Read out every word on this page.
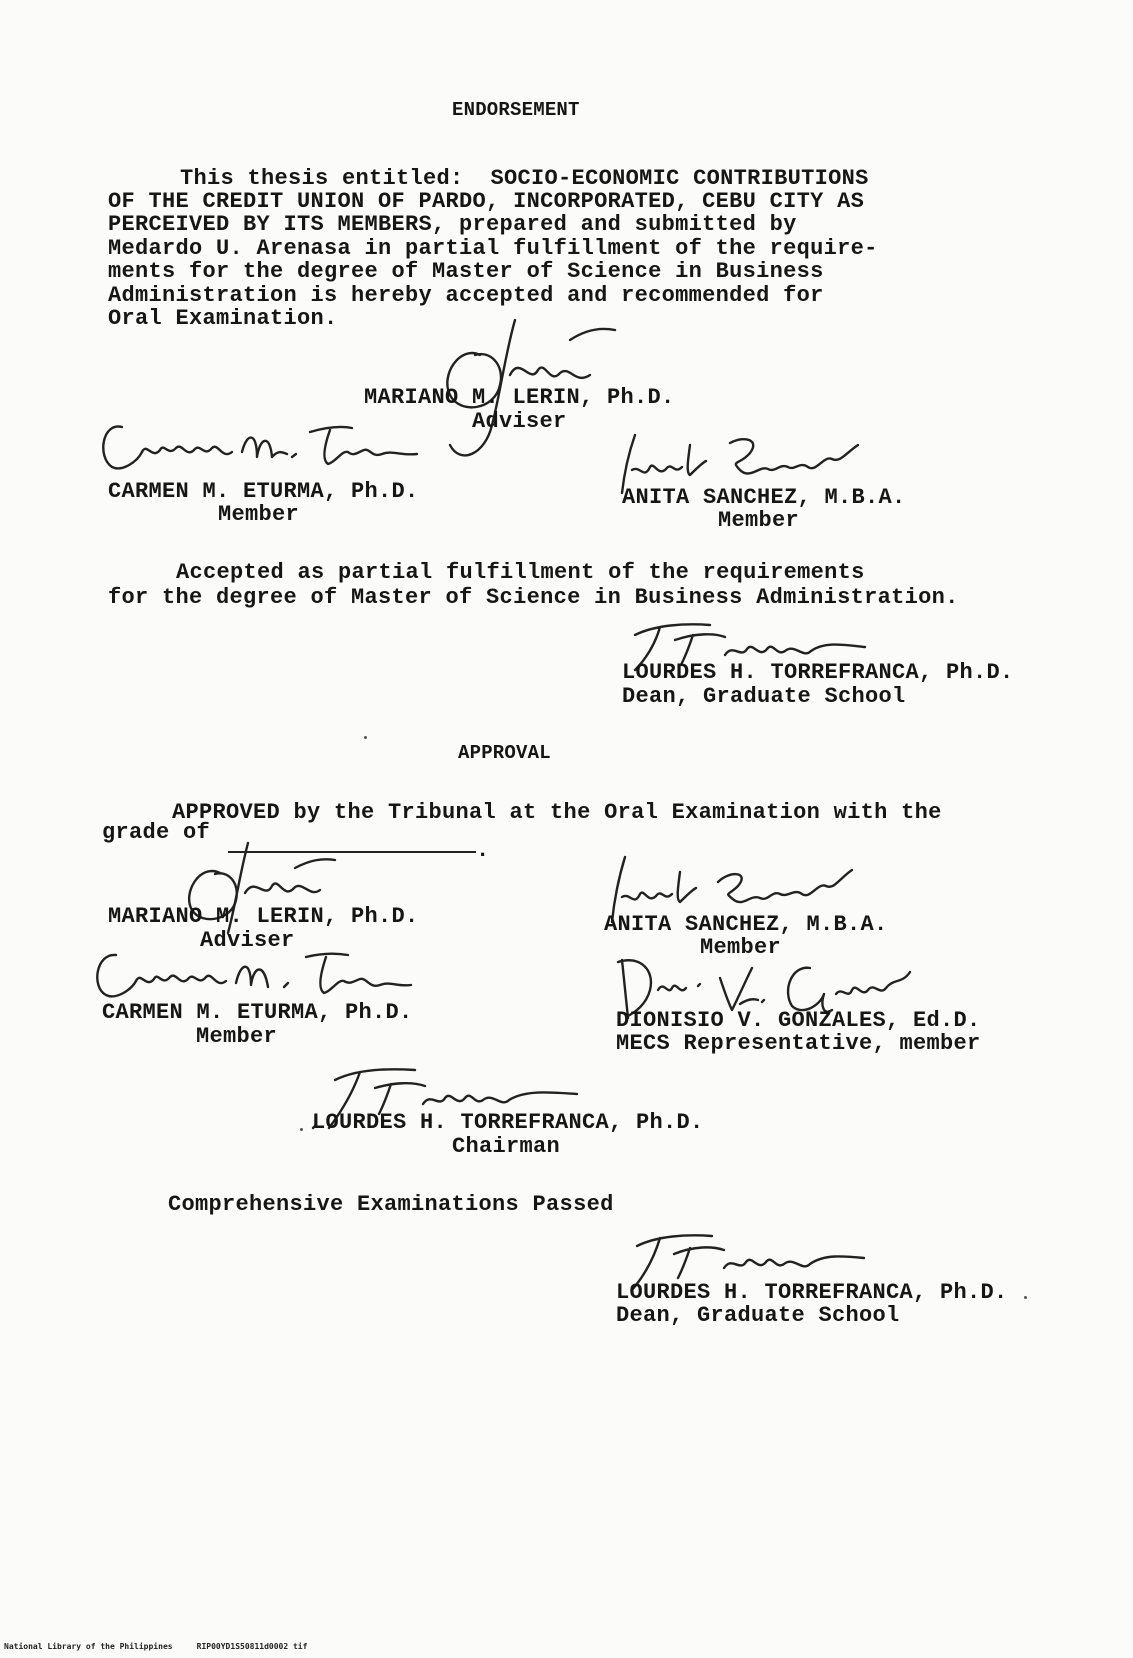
ENDORSEMENT
This thesis entitled:  SOCIO-ECONOMIC CONTRIBUTIONS
OF THE CREDIT UNION OF PARDO, INCORPORATED, CEBU CITY AS
PERCEIVED BY ITS MEMBERS, prepared and submitted by
Medardo U. Arenasa in partial fulfillment of the require-
ments for the degree of Master of Science in Business
Administration is hereby accepted and recommended for
Oral Examination.
MARIANO M. LERIN, Ph.D.
Adviser
CARMEN M. ETURMA, Ph.D.
Member
ANITA SANCHEZ, M.B.A.
Member
Accepted as partial fulfillment of the requirements
for the degree of Master of Science in Business Administration.
LOURDES H. TORREFRANCA, Ph.D.
Dean, Graduate School
APPROVAL
APPROVED by the Tribunal at the Oral Examination with the
grade of
.
MARIANO M. LERIN, Ph.D.
Adviser
ANITA SANCHEZ, M.B.A.
Member
CARMEN M. ETURMA, Ph.D.
Member
DIONISIO V. GONZALES, Ed.D.
MECS Representative, member
LOURDES H. TORREFRANCA, Ph.D.
Chairman
Comprehensive Examinations Passed
LOURDES H. TORREFRANCA, Ph.D.
Dean, Graduate School
National Library of the Philippines     RIP00YD1S50811d0002 tif
